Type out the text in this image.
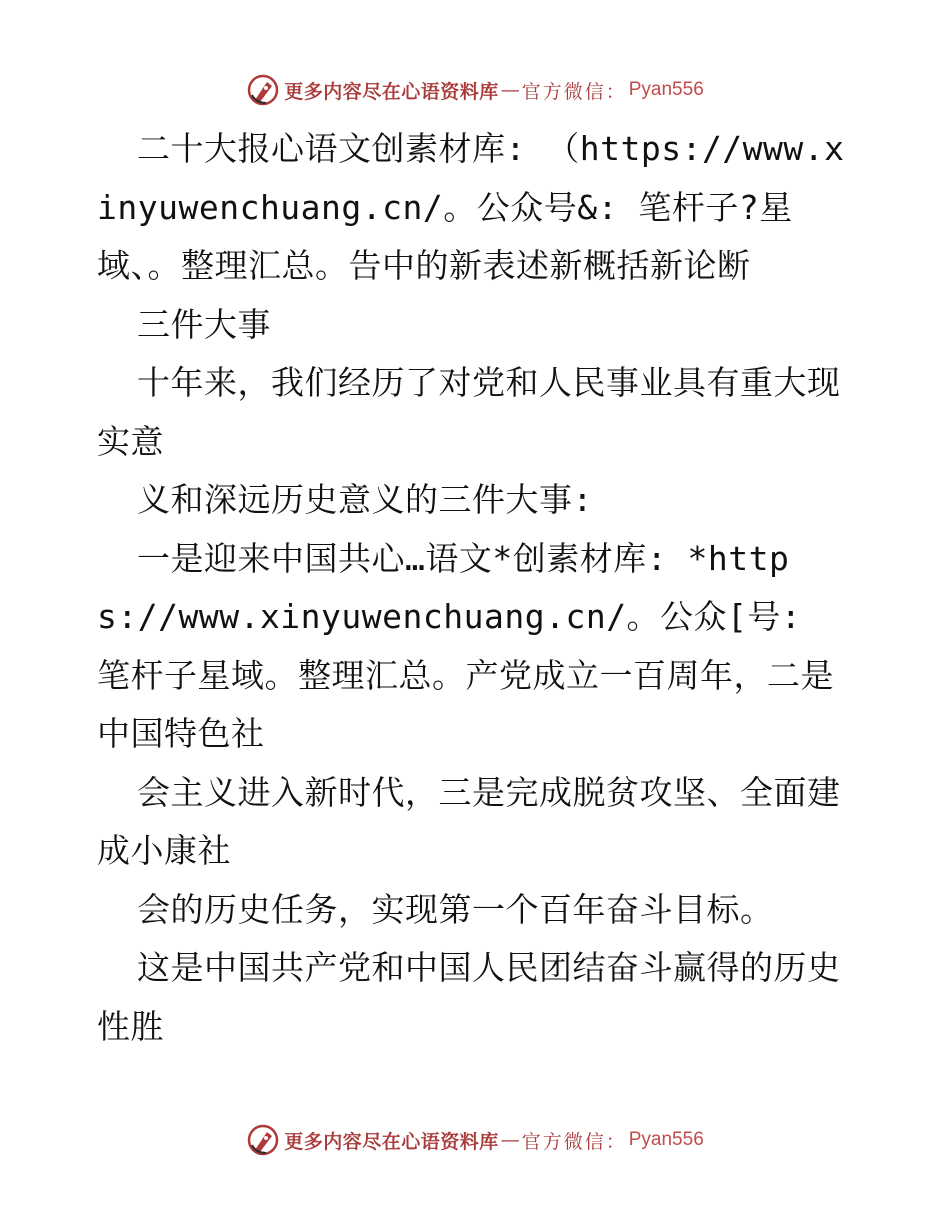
更多内容尽在心语资料库 — 官方微信： Pyan556

二十大报心语文创素材库: （https://www.xinyuwenchuang.cn/。公众号&: 笔杆子?星域、。整理汇总。告中的新表述新概括新论断

三件大事

十年来，我们经历了对党和人民事业具有重大现实意

义和深远历史意义的三件大事:

一是迎来中国共心…语文*创素材库: *https://www.xinyuwenchuang.cn/。公众[号: 笔杆子星域。整理汇总。产党成立一百周年，二是中国特色社

会主义进入新时代，三是完成脱贫攻坚、全面建成小康社

会的历史任务，实现第一个百年奋斗目标。

这是中国共产党和中国人民团结奋斗赢得的历史性胜

更多内容尽在心语资料库 — 官方微信： Pyan556
